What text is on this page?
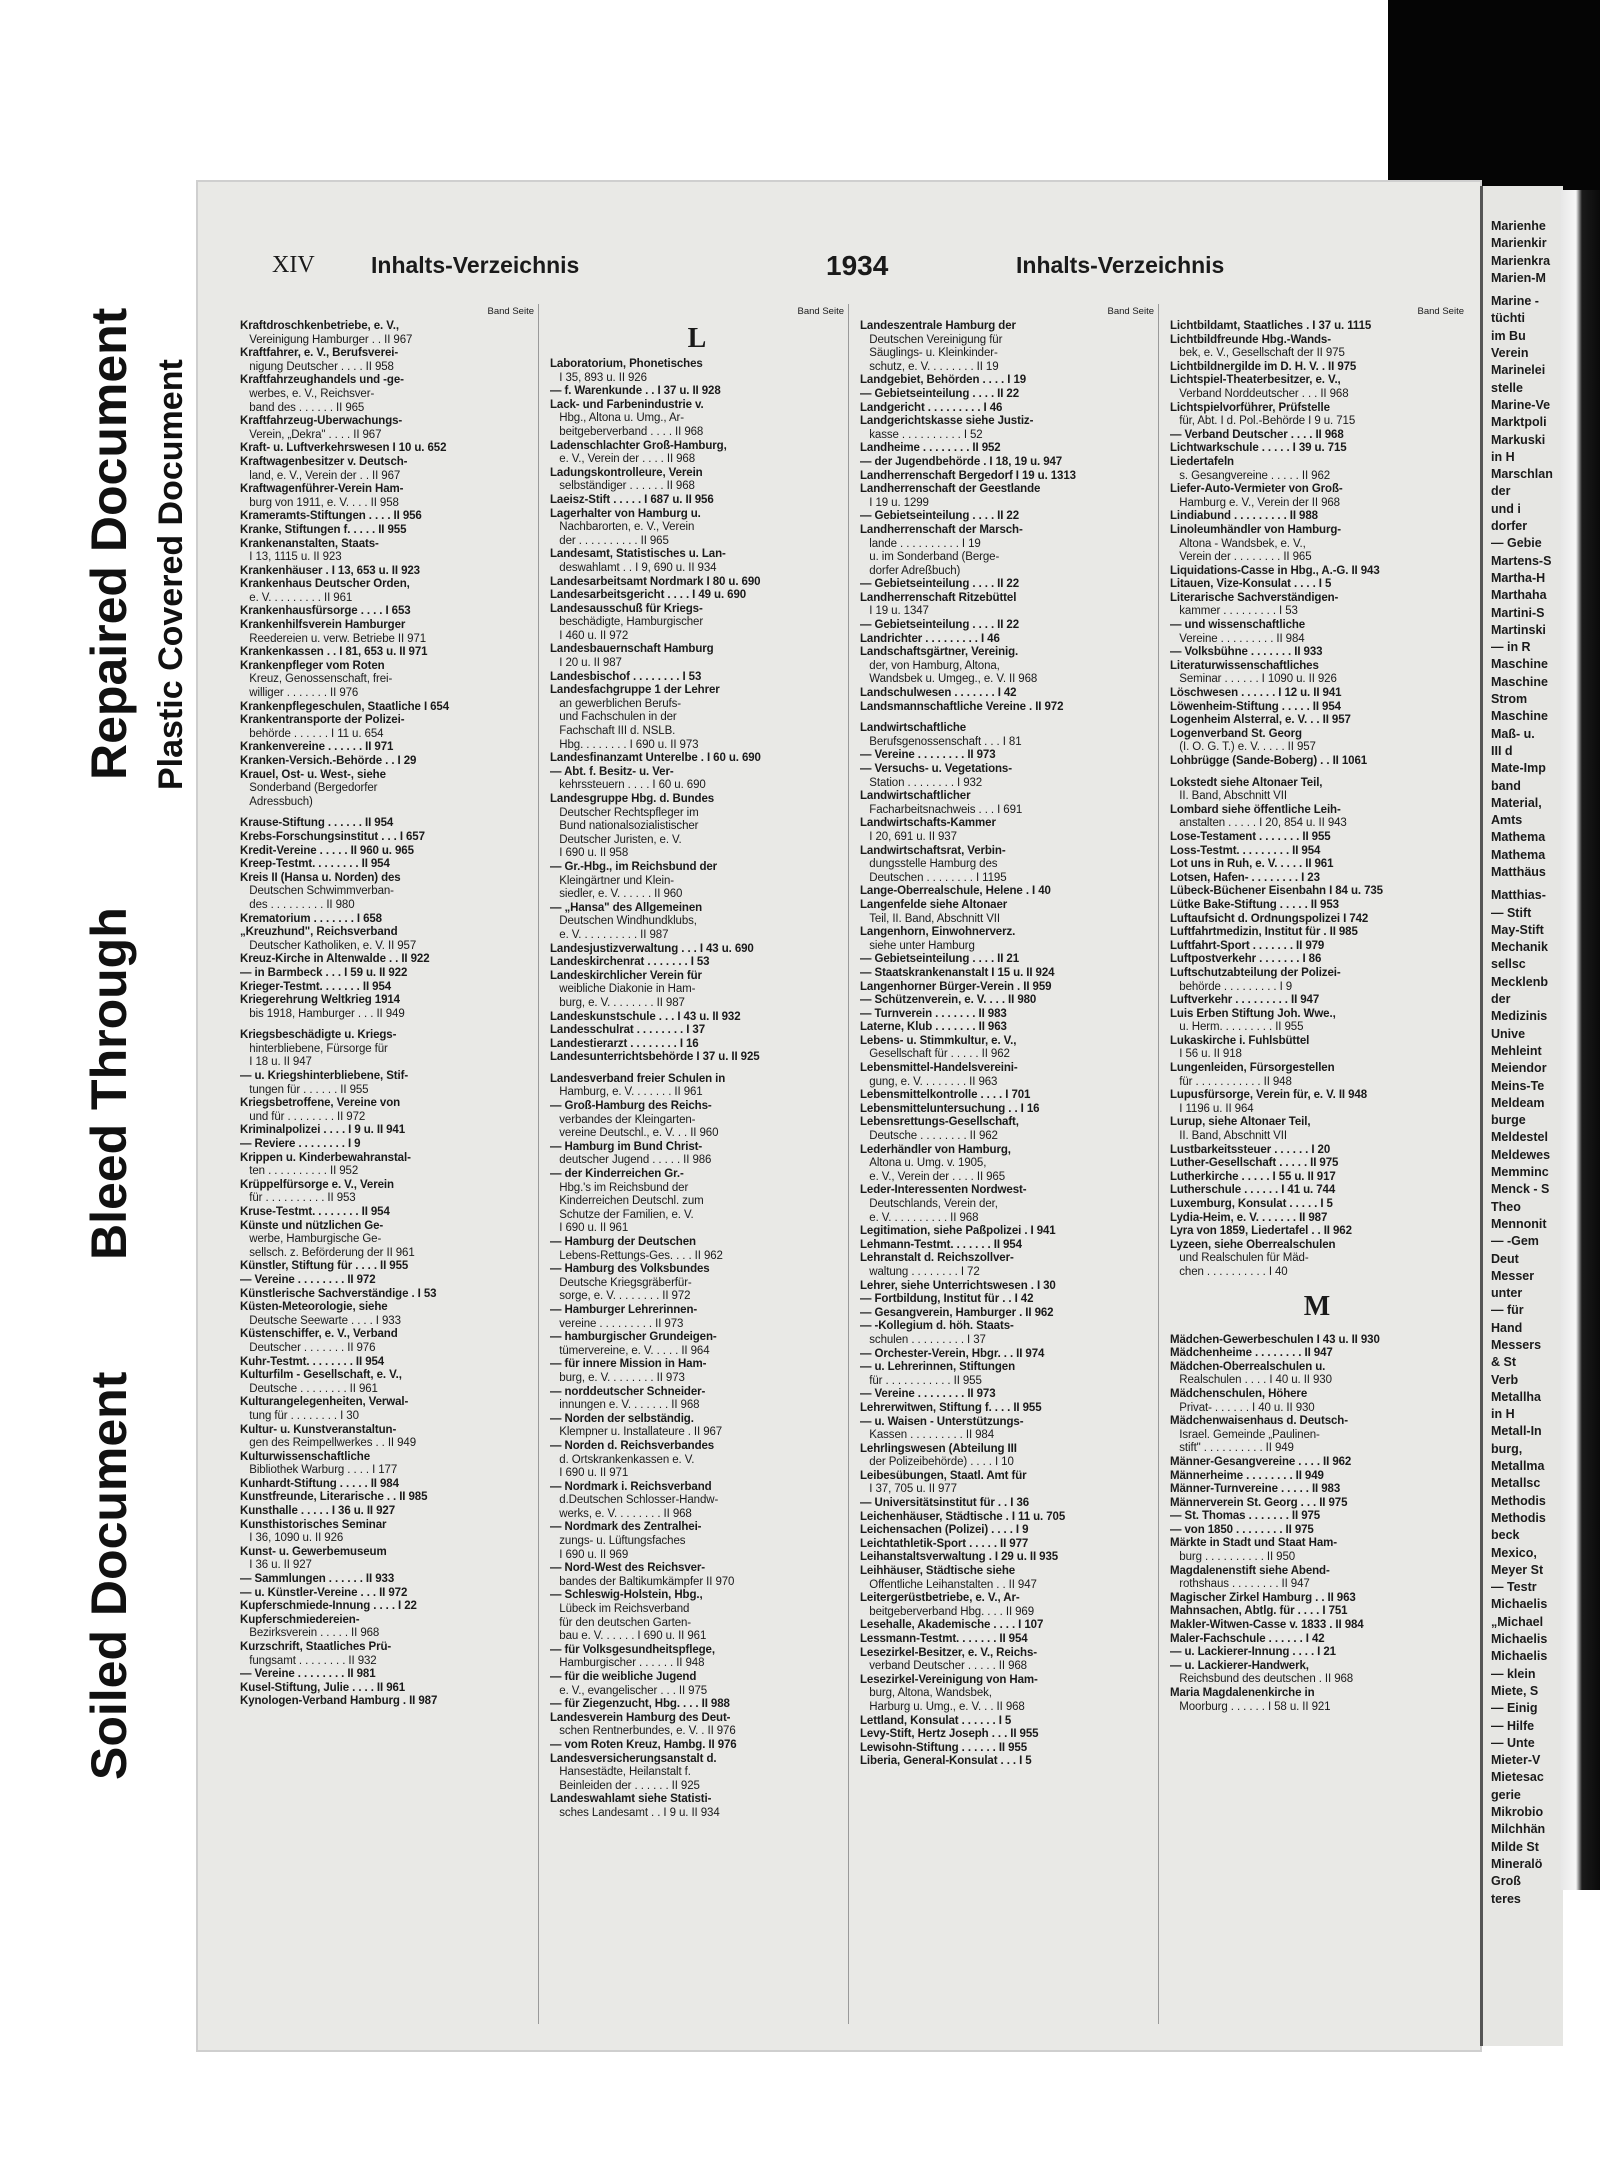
Soiled Document
Bleed Through
Repaired Document Plastic Covered Document
XIV Inhalts-Verzeichnis	1934	Inhalts-Verzeichnis
Band Seite
Kraftdroschkenbetriebe, e. V.,
Vereinigung Hamburger . . II 967
Kraftfahrer, e. V., Berufsverei-
nigung Deutscher . . . . II 958
Kraftfahrzeughandels und -ge-
werbes, e. V., Reichsver-
band des . . . . . . II 965
Kraftfahrzeug-Überwachungs-
Verein, „Dekra" . . . . II 967
Kraft- u. Luftverkehrswesen I 10 u. 652
Kraftwagenbesitzer v. Deutsch-
land, e. V., Verein der . . II 967
Kraftwagenführer-Verein Ham-
burg von 1911, e. V. . . . II 958
Krameramts-Stiftungen . . . . II 956
Kranke, Stiftungen f. . . . . II 955
Krankenanstalten, Staats-
I 13, 1115 u. II 923
Krankenhäuser . I 13, 653 u. II 923
Krankenhaus Deutscher Orden,
e. V. . . . . . . . . II 961
Krankenhausfürsorge . . . . I 653
Krankenhilfsverein Hamburger
Reedereien u. verw. Betriebe II 971
Krankenkassen . . I 81, 653 u. II 971
Krankenpfleger vom Roten
Kreuz, Genossenschaft, frei-
williger . . . . . . . II 976
Krankenpflegeschulen, Staatliche I 654
Krankentransporte der Polizei-
behörde . . . . . . I 11 u. 654
Krankenvereine . . . . . . II 971
Kranken-Versich.-Behörde . . I 29
Krauel, Ost- u. West-, siehe
Sonderband (Bergedorfer
Adressbuch)
Krause-Stiftung . . . . . . II 954
Krebs-Forschungsinstitut . . . I 657
Kredit-Vereine . . . . . II 960 u. 965
Kreep-Testmt. . . . . . . . II 954
Kreis II (Hansa u. Norden) des
Deutschen Schwimmverban-
des . . . . . . . . . II 980
Krematorium . . . . . . . I 658
„Kreuzhund", Reichsverband
Deutscher Katholiken, e. V. II 957
Kreuz-Kirche in Altenwalde . . II 922
— in Barmbeck . . . I 59 u. II 922
Krieger-Testmt. . . . . . . II 954
Kriegerehrung Weltkrieg 1914
bis 1918, Hamburger . . . II 949
Kriegsbeschädigte u. Kriegs-
hinterbliebene, Fürsorge für
I 18 u. II 947
— u. Kriegshinterbliebene, Stif-
tungen für . . . . . . II 955
Kriegsbetroffene, Vereine von
und für . . . . . . . . II 972
Kriminalpolizei . . . . I 9 u. II 941
— Reviere . . . . . . . . I 9
Krippen u. Kinderbewahranstal-
ten . . . . . . . . . . II 952
Krüppelfürsorge e. V., Verein
für . . . . . . . . . . II 953
Kruse-Testmt. . . . . . . . II 954
Künste und nützlichen Ge-
werbe, Hamburgische Ge-
sellsch. z. Beförderung der II 961
Künstler, Stiftung für . . . . II 955
— Vereine . . . . . . . . II 972
Künstlerische Sachverständige . I 53
Küsten-Meteorologie, siehe
Deutsche Seewarte . . . . I 933
Küstenschiffer, e. V., Verband
Deutscher . . . . . . . II 976
Kuhr-Testmt. . . . . . . . II 954
Kulturfilm - Gesellschaft, e. V.,
Deutsche . . . . . . . . II 961
Kulturangelegenheiten, Verwal-
tung für . . . . . . . . I 30
Kultur- u. Kunstveranstaltun-
gen des Reimpellwerkes . . II 949
Kulturwissenschaftliche
Bibliothek Warburg . . . . I 177
Kunhardt-Stiftung . . . . . II 984
Kunstfreunde, Literarische . . II 985
Kunsthalle . . . . . I 36 u. II 927
Kunsthistorisches Seminar
I 36, 1090 u. II 926
Kunst- u. Gewerbemuseum
I 36 u. II 927
— Sammlungen . . . . . . II 933
— u. Künstler-Vereine . . . II 972
Kupferschmiede-Innung . . . . I 22
Kupferschmiedereien-
Bezirksverein . . . . . II 968
Kurzschrift, Staatliches Prü-
fungsamt . . . . . . . . II 932
— Vereine . . . . . . . . II 981
Kusel-Stiftung, Julie . . . . II 961
Kynologen-Verband Hamburg . II 987
Band Seite
L
Laboratorium, Phonetisches
I 35, 893 u. II 926
— f. Warenkunde . . I 37 u. II 928
Lack- und Farbenindustrie v.
Hbg., Altona u. Umg., Ar-
beitgeberverband . . . . II 968
Ladenschlachter Groß-Hamburg,
e. V., Verein der . . . . II 968
Ladungskontrolleure, Verein
selbständiger . . . . . . II 968
Laeisz-Stift . . . . . I 687 u. II 956
Lagerhalter von Hamburg u.
Nachbarorten, e. V., Verein
der . . . . . . . . . . II 965
Landesamt, Statistisches u. Lan-
deswahlamt . . I 9, 690 u. II 934
Landesarbeitsamt Nordmark I 80 u. 690
Landesarbeitsgericht . . . . I 49 u. 690
Landesausschuß für Kriegs-
beschädigte, Hamburgischer
I 460 u. II 972
Landesbauernschaft Hamburg
I 20 u. II 987
Landesbischof . . . . . . . . I 53
Landesfachgruppe 1 der Lehrer
an gewerblichen Berufs-
und Fachschulen in der
Fachschaft III d. NSLB.
Hbg. . . . . . . . I 690 u. II 973
Landesfinanzamt Unterelbe . I 60 u. 690
— Abt. f. Besitz- u. Ver-
kehrssteuern . . . . I 60 u. 690
Landesgruppe Hbg. d. Bundes
Deutscher Rechtspfleger im
Bund nationalsozialistischer
Deutscher Juristen, e. V.
I 690 u. II 958
— Gr.-Hbg., im Reichsbund der
Kleingärtner und Klein-
siedler, e. V. . . . . . II 960
— „Hansa" des Allgemeinen
Deutschen Windhundklubs,
e. V. . . . . . . . . . II 987
Landesjustizverwaltung . . . I 43 u. 690
Landeskirchenrat . . . . . . . I 53
Landeskirchlicher Verein für
weibliche Diakonie in Ham-
burg, e. V. . . . . . . . II 987
Landeskunstschule . . . I 43 u. II 932
Landesschulrat . . . . . . . . I 37
Landestierarzt . . . . . . . . I 16
Landesunterrichtsbehörde I 37 u. II 925
Landesverband freier Schulen in
Hamburg, e. V. . . . . . . II 961
— Groß-Hamburg des Reichs-
verbandes der Kleingarten-
vereine Deutschl., e. V. . . II 960
— Hamburg im Bund Christ-
deutscher Jugend . . . . . II 986
— der Kinderreichen Gr.-
Hbg.'s im Reichsbund der
Kinderreichen Deutschl. zum
Schutze der Familien, e. V.
I 690 u. II 961
— Hamburg der Deutschen
Lebens-Rettungs-Ges. . . . II 962
— Hamburg des Volksbundes
Deutsche Kriegsgräberfür-
sorge, e. V. . . . . . . . II 972
— Hamburger Lehrerinnen-
vereine . . . . . . . . . II 973
— hamburgischer Grundeigen-
tümervereine, e. V. . . . . II 964
— für innere Mission in Ham-
burg, e. V. . . . . . . . II 973
— norddeutscher Schneider-
innungen e. V. . . . . . . II 968
— Norden der selbständig.
Klempner u. Installateure . II 967
— Norden d. Reichsverbandes
d. Ortskrankenkassen e. V.
I 690 u. II 971
— Nordmark i. Reichsverband
d.Deutschen Schlosser-Handw-
werks, e. V. . . . . . . . II 968
— Nordmark des Zentralhei-
zungs- u. Lüftungsfaches
I 690 u. II 969
— Nord-West des Reichsver-
bandes der Baltikumkämpfer II 970
— Schleswig-Holstein, Hbg.,
Lübeck im Reichsverband
für den deutschen Garten-
bau e. V. . . . . . I 690 u. II 961
— für Volksgesundheitspflege,
Hamburgischer . . . . . . II 948
— für die weibliche Jugend
e. V., evangelischer . . . II 975
— für Ziegenzucht, Hbg. . . . II 988
Landesverein Hamburg des Deut-
schen Rentnerbundes, e. V. . II 976
— vom Roten Kreuz, Hambg. II 976
Landesversicherungsanstalt d.
Hansestädte, Heilanstalt f.
Beinleiden der . . . . . . II 925
Landeswahlamt siehe Statisti-
sches Landesamt . . I 9 u. II 934
Band Seite
Landeszentrale Hamburg der
Deutschen Vereinigung für
Säuglings- u. Kleinkinder-
schutz, e. V. . . . . . . . II 19
Landgebiet, Behörden . . . . I 19
— Gebietseinteilung . . . . II 22
Landgericht . . . . . . . . . I 46
Landgerichtskasse siehe Justiz-
kasse . . . . . . . . . . I 52
Landheime . . . . . . . . II 952
— der Jugendbehörde . I 18, 19 u. 947
Landherrenschaft Bergedorf I 19 u. 1313
Landherrenschaft der Geestlande
I 19 u. 1299
— Gebietseinteilung . . . . II 22
Landherrenschaft der Marsch-
lande . . . . . . . . . . I 19
u. im Sonderband (Berge-
dorfer Adreßbuch)
— Gebietseinteilung . . . . II 22
Landherrenschaft Ritzebüttel
I 19 u. 1347
— Gebietseinteilung . . . . II 22
Landrichter . . . . . . . . . I 46
Landschaftsgärtner, Vereinig.
der, von Hamburg, Altona,
Wandsbek u. Umgeg., e. V. II 968
Landschulwesen . . . . . . . I 42
Landsmannschaftliche Vereine . II 972
Landwirtschaftliche
Berufsgenossenschaft . . . I 81
— Vereine . . . . . . . . II 973
— Versuchs- u. Vegetations-
Station . . . . . . . . I 932
Landwirtschaftlicher
Facharbeitsnachweis . . . I 691
Landwirtschafts-Kammer
I 20, 691 u. II 937
Landwirtschaftsrat, Verbin-
dungsstelle Hamburg des
Deutschen . . . . . . . . I 1195
Lange-Oberrealschule, Helene . I 40
Langenfelde siehe Altonaer
Teil, II. Band, Abschnitt VII
Langenhorn, Einwohnerverz.
siehe unter Hamburg
— Gebietseinteilung . . . . II 21
— Staatskrankenanstalt I 15 u. II 924
Langenhorner Bürger-Verein . II 959
— Schützenverein, e. V. . . . II 980
— Turnverein . . . . . . . II 983
Laterne, Klub . . . . . . . II 963
Lebens- u. Stimmkultur, e. V.,
Gesellschaft für . . . . . II 962
Lebensmittel-Handelsvereini-
gung, e. V. . . . . . . . II 963
Lebensmittelkontrolle . . . . I 701
Lebensmitteluntersuchung . . I 16
Lebensrettungs-Gesellschaft,
Deutsche . . . . . . . . II 962
Lederhändler von Hamburg,
Altona u. Umg. v. 1905,
e. V., Verein der . . . . II 965
Leder-Interessenten Nordwest-
Deutschlands, Verein der,
e. V. . . . . . . . . . II 968
Legitimation, siehe Paßpolizei . I 941
Lehmann-Testmt. . . . . . . II 954
Lehranstalt d. Reichszollver-
waltung . . . . . . . . I 72
Lehrer, siehe Unterrichtswesen . I 30
— Fortbildung, Institut für . . I 42
— Gesangverein, Hamburger . II 962
— -Kollegium d. höh. Staats-
schulen . . . . . . . . . I 37
— Orchester-Verein, Hbgr. . . II 974
— u. Lehrerinnen, Stiftungen
für . . . . . . . . . . . II 955
— Vereine . . . . . . . . II 973
Lehrerwitwen, Stiftung f. . . . II 955
— u. Waisen - Unterstützungs-
Kassen . . . . . . . . . II 984
Lehrlingswesen (Abteilung III
der Polizeibehörde) . . . . I 10
Leibesübungen, Staatl. Amt für
I 37, 705 u. II 977
— Universitätsinstitut für . . I 36
Leichenhäuser, Städtische . I 11 u. 705
Leichensachen (Polizei) . . . . I 9
Leichtathletik-Sport . . . . . II 977
Leihanstaltsverwaltung . I 29 u. II 935
Leihhäuser, Städtische siehe
Öffentliche Leihanstalten . . II 947
Leitergerüstbetriebe, e. V., Ar-
beitgeberverband Hbg. . . . II 969
Lesehalle, Akademische . . . . I 107
Lessmann-Testmt. . . . . . . II 954
Lesezirkel-Besitzer, e. V., Reichs-
verband Deutscher . . . . . II 968
Lesezirkel-Vereinigung von Ham-
burg, Altona, Wandsbek,
Harburg u. Umg., e. V. . . II 968
Lettland, Konsulat . . . . . . I 5
Levy-Stift, Hertz Joseph . . . II 955
Lewisohn-Stiftung . . . . . . II 955
Liberia, General-Konsulat . . . I 5
Band Seite
Lichtbildamt, Staatliches . I 37 u. 1115
Lichtbildfreunde Hbg.-Wands-
bek, e. V., Gesellschaft der II 975
Lichtbildnergilde im D. H. V. . II 975
Lichtspiel-Theaterbesitzer, e. V.,
Verband Norddeutscher . . . II 968
Lichtspielvorführer, Prüfstelle
für, Abt. I d. Pol.-Behörde I 9 u. 715
— Verband Deutscher . . . . II 968
Lichtwarkschule . . . . . I 39 u. 715
Liedertafeln
s. Gesangvereine . . . . . II 962
Liefer-Auto-Vermieter von Groß-
Hamburg e. V., Verein der II 968
Lindiabund . . . . . . . . . II 988
Linoleumhändler von Hamburg-
Altona - Wandsbek, e. V.,
Verein der . . . . . . . . II 965
Liquidations-Casse in Hbg., A.-G. II 943
Litauen, Vize-Konsulat . . . . I 5
Literarische Sachverständigen-
kammer . . . . . . . . . I 53
— und wissenschaftliche
Vereine . . . . . . . . . II 984
— Volksbühne . . . . . . . II 933
Literaturwissenschaftliches
Seminar . . . . . . I 1090 u. II 926
Löschwesen . . . . . . I 12 u. II 941
Löwenheim-Stiftung . . . . . II 954
Logenheim Alsterral, e. V. . . II 957
Logenverband St. Georg
(I. O. G. T.) e. V. . . . . II 957
Lohbrügge (Sande-Boberg) . . II 1061
Lokstedt siehe Altonaer Teil,
II. Band, Abschnitt VII
Lombard siehe öffentliche Leih-
anstalten . . . . . I 20, 854 u. II 943
Lose-Testament . . . . . . . II 955
Loss-Testmt. . . . . . . . . II 954
Lot uns in Ruh, e. V. . . . . II 961
Lotsen, Hafen- . . . . . . . . I 23
Lübeck-Büchener Eisenbahn I 84 u. 735
Lütke Bake-Stiftung . . . . . II 953
Luftaufsicht d. Ordnungspolizei I 742
Luftfahrtmedizin, Institut für . II 985
Luftfahrt-Sport . . . . . . . II 979
Luftpostverkehr . . . . . . . I 86
Luftschutzabteilung der Polizei-
behörde . . . . . . . . . I 9
Luftverkehr . . . . . . . . . II 947
Luis Erben Stiftung Joh. Wwe.,
u. Herm. . . . . . . . . II 955
Lukaskirche i. Fuhlsbüttel
I 56 u. II 918
Lungenleiden, Fürsorgestellen
für . . . . . . . . . . . II 948
Lupusfürsorge, Verein für, e. V. II 948
I 1196 u. II 964
Lurup, siehe Altonaer Teil,
II. Band, Abschnitt VII
Lustbarkeitssteuer . . . . . . I 20
Luther-Gesellschaft . . . . . II 975
Lutherkirche . . . . . I 55 u. II 917
Lutherschule . . . . . . I 41 u. 744
Luxemburg, Konsulat . . . . . I 5
Lydia-Heim, e. V. . . . . . . II 987
Lyra von 1859, Liedertafel . . II 962
Lyzeen, siehe Oberrealschulen
und Realschulen für Mäd-
chen . . . . . . . . . . I 40
M
Mädchen-Gewerbeschulen I 43 u. II 930
Mädchenheime . . . . . . . . II 947
Mädchen-Oberrealschulen u.
Realschulen . . . . I 40 u. II 930
Mädchenschulen, Höhere
Privat- . . . . . . I 40 u. II 930
Mädchenwaisenhaus d. Deutsch-
Israel. Gemeinde „Paulinen-
stift" . . . . . . . . . . II 949
Männer-Gesangvereine . . . . II 962
Männerheime . . . . . . . . II 949
Männer-Turnvereine . . . . . II 983
Männerverein St. Georg . . . II 975
— St. Thomas . . . . . . . II 975
— von 1850 . . . . . . . . II 975
Märkte in Stadt und Staat Ham-
burg . . . . . . . . . . II 950
Magdalenenstift siehe Abend-
rothshaus . . . . . . . . II 947
Magischer Zirkel Hamburg . . II 963
Mahnsachen, Abtlg. für . . . . I 751
Makler-Witwen-Casse v. 1833 . II 984
Maler-Fachschule . . . . . . I 42
— u. Lackierer-Innung . . . . I 21
— u. Lackierer-Handwerk,
Reichsbund des deutschen . II 968
Maria Magdalenenkirche in
Moorburg . . . . . . I 58 u. II 921
Marienhe
Marienkir
Marienkra
Marien-M
Marine -
tüchti
im Bu
Verein
Marinelei
stelle
Marine-Ve
Marktpoli
Markuski
in H
Marschlan
der
und i
dorfer
— Gebie
Martens-S
Martha-H
Marthaha
Martini-S
Martinski
— in R
Maschine
Maschine
Strom
Maschine
Maß- u.
III d
Mate-Imp
band
Material,
Amts
Mathema
Mathema
Matthäus
Matthias-
— Stift
May-Stift
Mechanik
sellsc
Mecklenb
der
Medizinis
Unive
Mehleint
Meiendor
Meins-Te
Meldeam
burge
Meldestel
Meldewes
Memminc
Menck - S
Theo
Mennonit
— -Gem
Deut
Messer
unter
— für
Hand
Messers
& St
Verb
Metallha
in H
Metall-In
burg,
Metallma
Metallsc
Methodis
Methodis
beck
Mexico,
Meyer St
— Testr
Michaelis
„Michael
Michaelis
Michaelis
— klein
Miete, S
— Einig
— Hilfe
— Unte
Mieter-V
Mietesac
gerie
Mikrobio
Milchhän
Milde St
Mineralö
Groß
teres
